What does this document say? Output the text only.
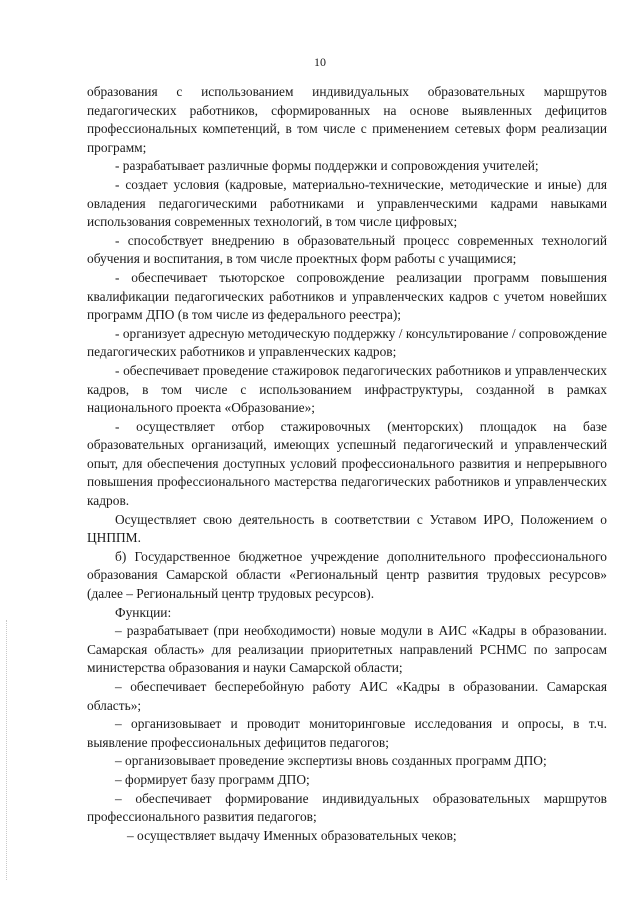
10

образования с использованием индивидуальных образовательных маршрутов педагогических работников, сформированных на основе выявленных дефицитов профессиональных компетенций, в том числе с применением сетевых форм реализации программ;

- разрабатывает различные формы поддержки и сопровождения учителей;

- создает условия (кадровые, материально-технические, методические и иные) для овладения педагогическими работниками и управленческими кадрами навыками использования современных технологий, в том числе цифровых;

- способствует внедрению в образовательный процесс современных технологий обучения и воспитания, в том числе проектных форм работы с учащимися;

- обеспечивает тьюторское сопровождение реализации программ повышения квалификации педагогических работников и управленческих кадров с учетом новейших программ ДПО (в том числе из федерального реестра);

- организует адресную методическую поддержку / консультирование / сопровождение педагогических работников и управленческих кадров;

- обеспечивает проведение стажировок педагогических работников и управленческих кадров, в том числе с использованием инфраструктуры, созданной в рамках национального проекта «Образование»;

- осуществляет отбор стажировочных (менторских) площадок на базе образовательных организаций, имеющих успешный педагогический и управленческий опыт, для обеспечения доступных условий профессионального развития и непрерывного повышения профессионального мастерства педагогических работников и управленческих кадров.

Осуществляет свою деятельность в соответствии с Уставом ИРО, Положением о ЦНППМ.

б) Государственное бюджетное учреждение дополнительного профессионального образования Самарской области «Региональный центр развития трудовых ресурсов» (далее – Региональный центр трудовых ресурсов).

Функции:

– разрабатывает (при необходимости) новые модули в АИС «Кадры в образовании. Самарская область» для реализации приоритетных направлений РСНМС по запросам министерства образования и науки Самарской области;

– обеспечивает бесперебойную работу АИС «Кадры в образовании. Самарская область»;

– организовывает и проводит мониторинговые исследования и опросы, в т.ч. выявление профессиональных дефицитов педагогов;

– организовывает проведение экспертизы вновь созданных программ ДПО;

– формирует базу программ ДПО;

– обеспечивает формирование индивидуальных образовательных маршрутов профессионального развития педагогов;

– осуществляет выдачу Именных образовательных чеков;
